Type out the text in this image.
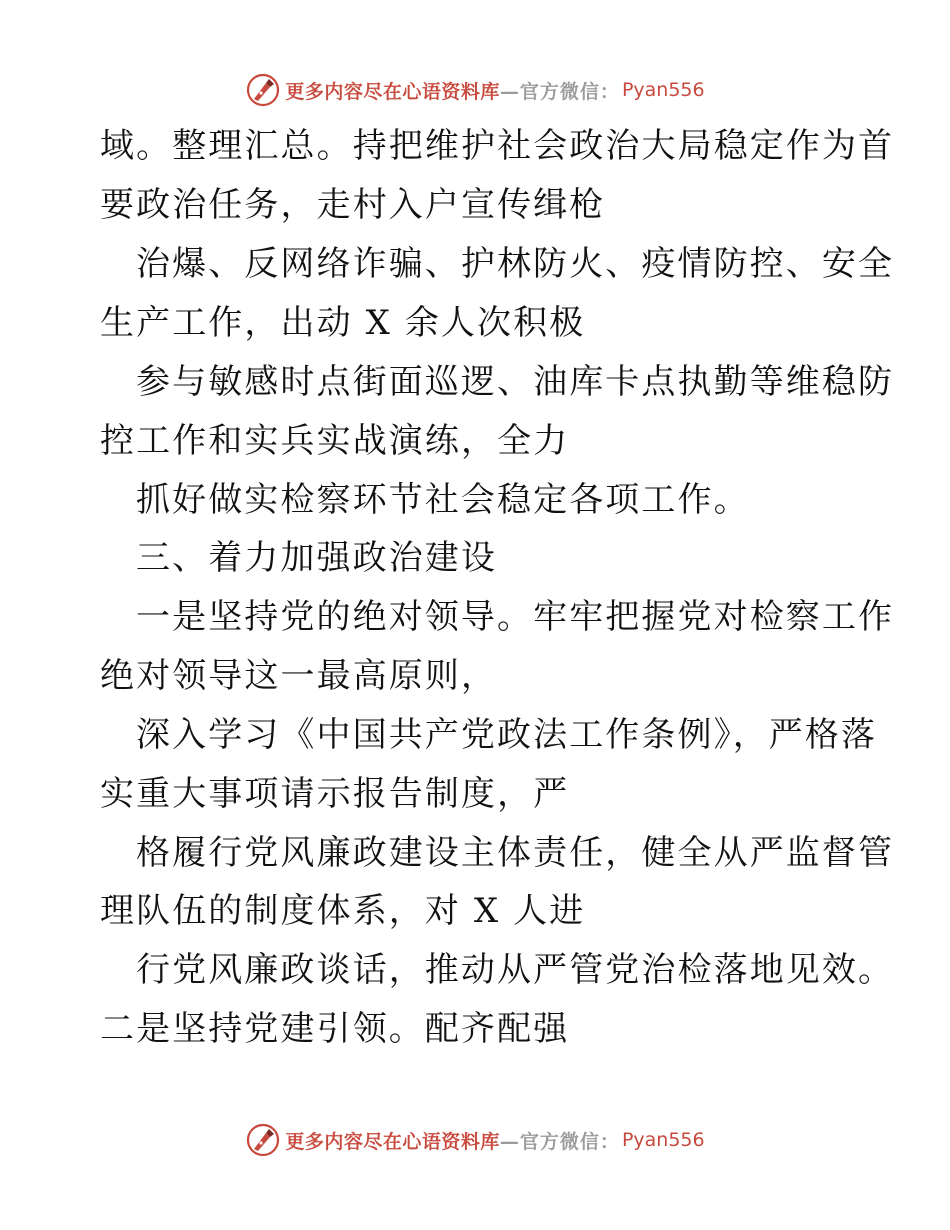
更多内容尽在心语资料库 —官方微信： Pyan556
域。整理汇总。持把维护社会政治大局稳定作为首
要政治任务，走村入户宣传缉枪
治爆、反网络诈骗、护林防火、疫情防控、安全
生产工作，出动 X 余人次积极
参与敏感时点街面巡逻、油库卡点执勤等维稳防
控工作和实兵实战演练，全力
抓好做实检察环节社会稳定各项工作。
三、着力加强政治建设
一是坚持党的绝对领导。牢牢把握党对检察工作
绝对领导这一最高原则，
深入学习《中国共产党政法工作条例》，严格落
实重大事项请示报告制度，严
格履行党风廉政建设主体责任，健全从严监督管
理队伍的制度体系，对 X 人进
行党风廉政谈话，推动从严管党治检落地见效。
二是坚持党建引领。配齐配强
更多内容尽在心语资料库 —官方微信： Pyan556
